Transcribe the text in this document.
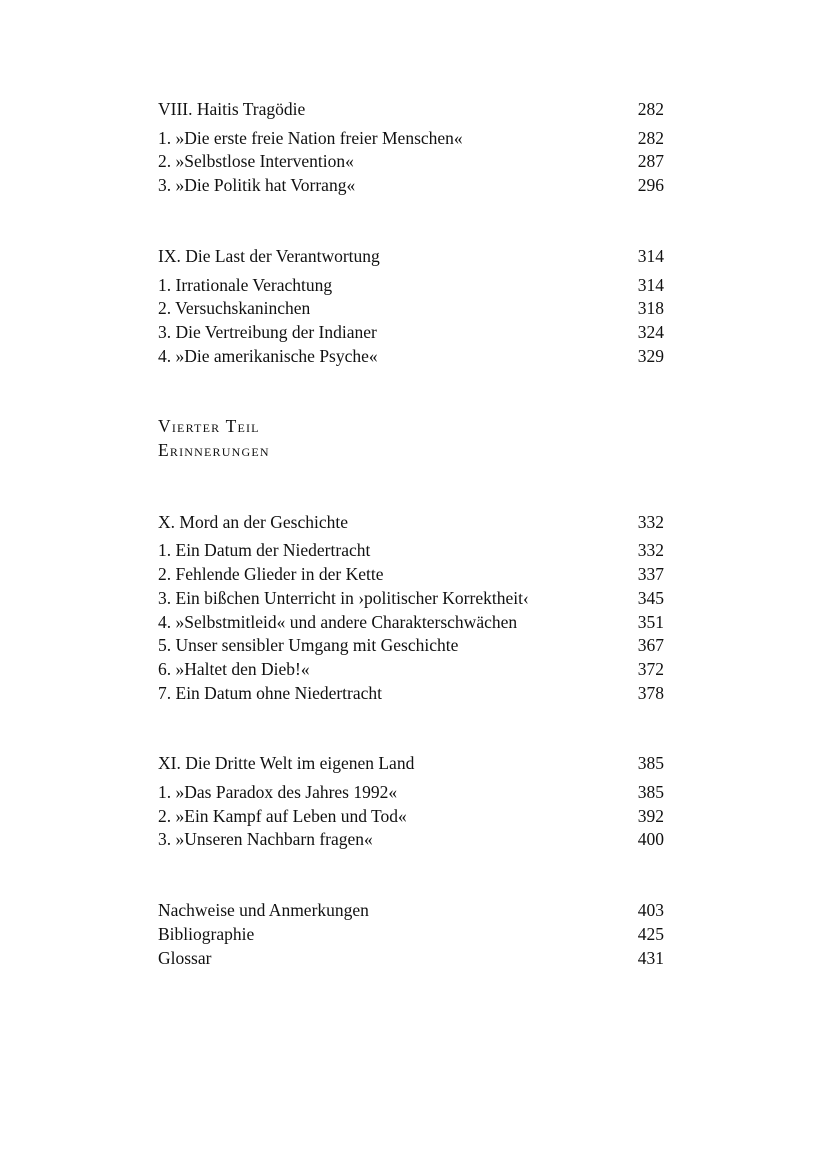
VIII. Haitis Tragödie	282
1. »Die erste freie Nation freier Menschen«	282
2. »Selbstlose Intervention«	287
3. »Die Politik hat Vorrang«	296
IX. Die Last der Verantwortung	314
1. Irrationale Verachtung	314
2. Versuchskaninchen	318
3. Die Vertreibung der Indianer	324
4. »Die amerikanische Psyche«	329
Vierter Teil
Erinnerungen
X. Mord an der Geschichte	332
1. Ein Datum der Niedertracht	332
2. Fehlende Glieder in der Kette	337
3. Ein bißchen Unterricht in ›politischer Korrektheit‹	345
4. »Selbstmitleid« und andere Charakterschwächen	351
5. Unser sensibler Umgang mit Geschichte	367
6. »Haltet den Dieb!«	372
7. Ein Datum ohne Niedertracht	378
XI. Die Dritte Welt im eigenen Land	385
1. »Das Paradox des Jahres 1992«	385
2. »Ein Kampf auf Leben und Tod«	392
3. »Unseren Nachbarn fragen«	400
Nachweise und Anmerkungen	403
Bibliographie	425
Glossar	431
